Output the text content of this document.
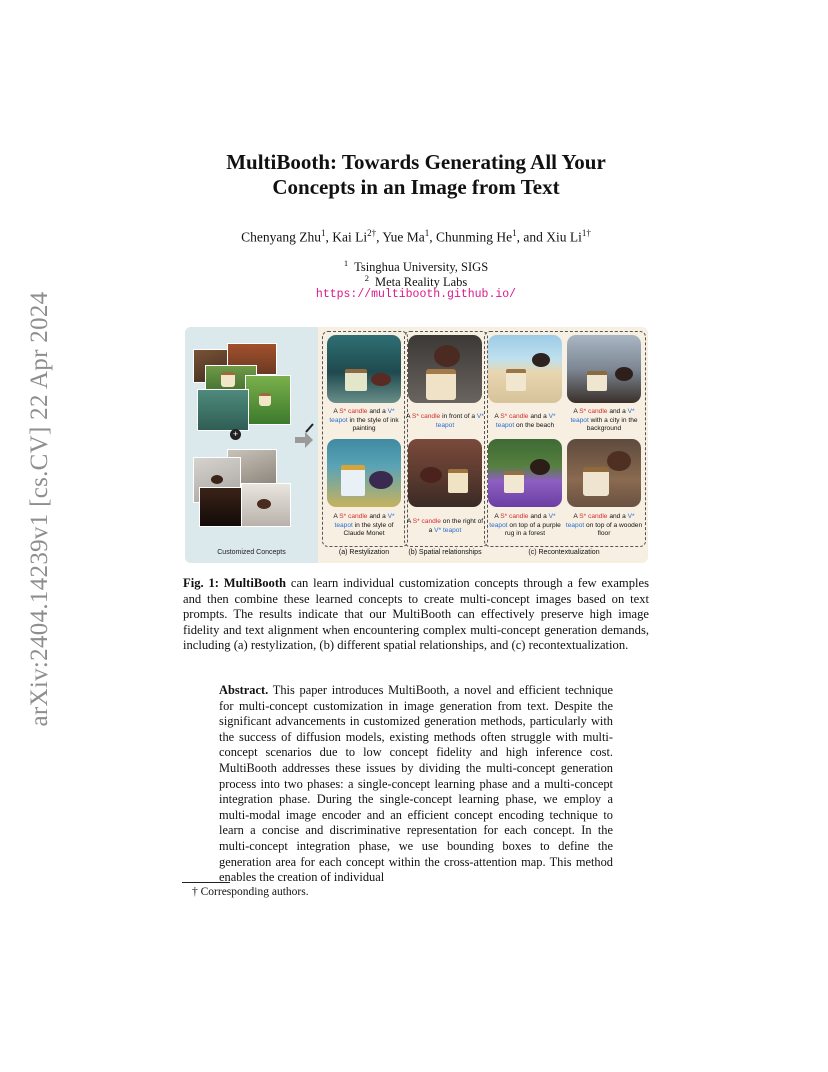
arXiv:2404.14239v1 [cs.CV] 22 Apr 2024
MultiBooth: Towards Generating All Your
Concepts in an Image from Text
Chenyang Zhu$^1$, Kai $Li^{2\dagger}$, Yue Ma$^1$, Chunming He$^1$, and Xiu $Li^{1\dagger}$
$^1$ Tsinghua University, SIGS
$^2$ Meta Reality Labs
https://multibooth.github.io/
+
Customized Concepts
A S* candle and a V* teapot in the style of ink painting
A S* candle in front of a V* teapot
A S* candle and a V* teapot on the beach
A S* candle and a V* teapot with a city in the background
A S* candle and a V* teapot in the style of Claude Monet
A S* candle on the right of a V* teapot
A S* candle and a V* teapot on top of a purple rug in a forest
A S* candle and a V* teapot on top of a wooden floor
(a) Restylization	(b) Spatial relationships	(c) Recontextualization
Fig. 1: MultiBooth can learn individual customization concepts through a few examples and then combine these learned concepts to create multi-concept images based on text prompts. The results indicate that our MultiBooth can effectively preserve high image fidelity and text alignment when encountering complex multi-concept generation demands, including (a) restylization, (b) different spatial relationships, and (c) recontextualization.
Abstract. This paper introduces MultiBooth, a novel and efficient technique for multi-concept customization in image generation from text. Despite the significant advancements in customized generation methods, particularly with the success of diffusion models, existing methods often struggle with multi-concept scenarios due to low concept fidelity and high inference cost. MultiBooth addresses these issues by dividing the multi-concept generation process into two phases: a single-concept learning phase and a multi-concept integration phase. During the single-concept learning phase, we employ a multi-modal image encoder and an efficient concept encoding technique to learn a concise and discriminative representation for each concept. In the multi-concept integration phase, we use bounding boxes to define the generation area for each concept within the cross-attention map. This method enables the creation of individual
† Corresponding authors.
